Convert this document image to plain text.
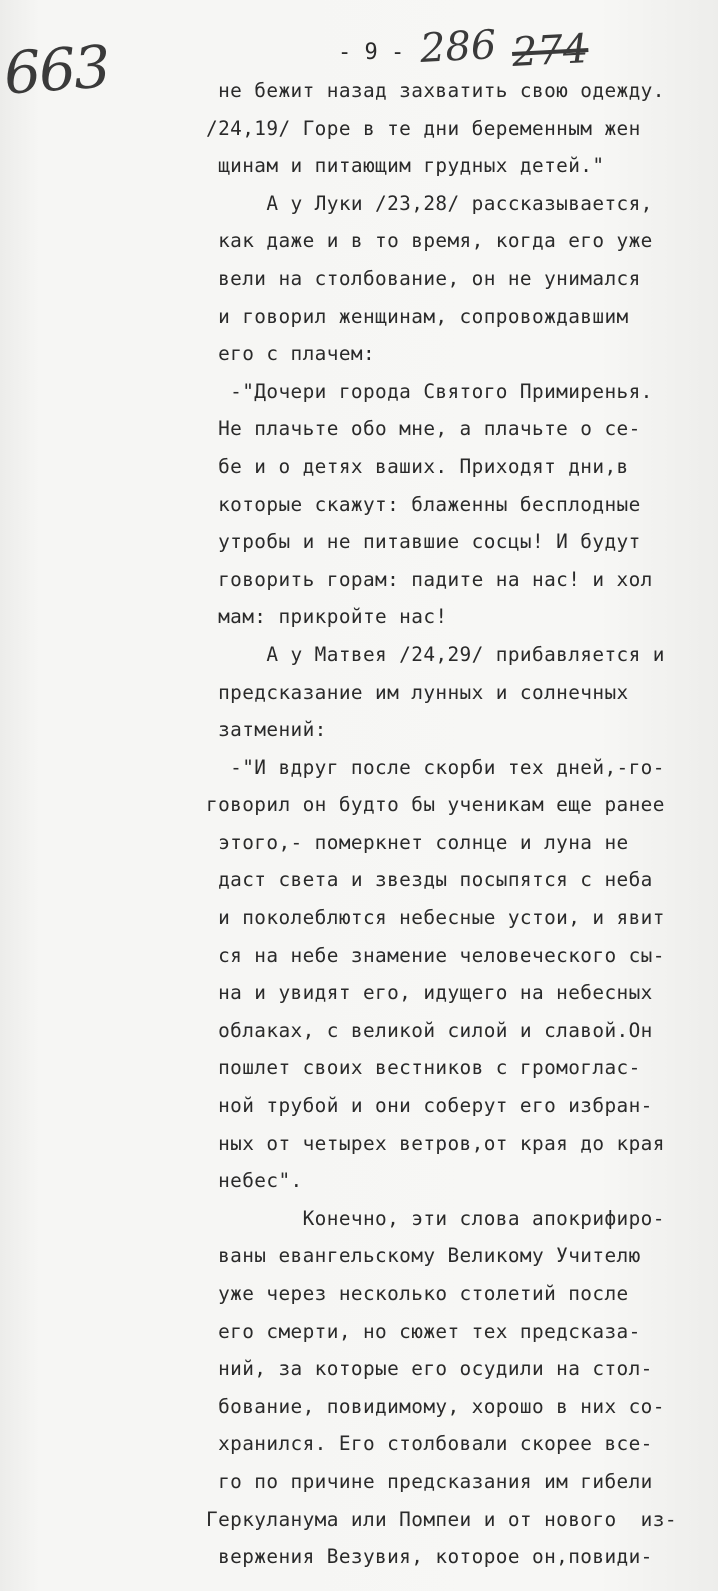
663	- 9 - 286 274
не бежит назад захватить свою одежду.
/24,19/ Горе в те дни беременным жен
щинам и питающим грудных детей."
А у Луки /23,28/ рассказывается,
как даже и в то время, когда его уже
вели на столбование, он не унимался
и говорил женщинам, сопровождавшим
его с плачем:
-"Дочери города Святого Примиренья.
Не плачьте обо мне, а плачьте о се-
бе и о детях ваших. Приходят дни,в
которые скажут: блаженны бесплодные
утробы и не питавшие сосцы! И будут
говорить горам: падите на нас! и хол
мам: прикройте нас!
А у Матвея /24,29/ прибавляется и
предсказание им лунных и солнечных
затмений:
-"И вдруг после скорби тех дней,-го-
говорил он будто бы ученикам еще ранее
этого,- померкнет солнце и луна не
даст света и звезды посыпятся с неба
и поколеблются небесные устои, и явит
ся на небе знамение человеческого сы-
на и увидят его, идущего на небесных
облаках, с великой силой и славой.Он
пошлет своих вестников с громоглас-
ной трубой и они соберут его избран-
ных от четырех ветров,от края до края
небес".
Конечно, эти слова апокрифиро-
ваны евангельскому Великому Учителю
уже через несколько столетий после
его смерти, но сюжет тех предсказа-
ний, за которые его осудили на стол-
бование, повидимому, хорошо в них со-
хранился. Его столбовали скорее все-
го по причине предсказания им гибели
Геркуланума или Помпеи и от нового  из-
вержения Везувия, которое он,повиди-
